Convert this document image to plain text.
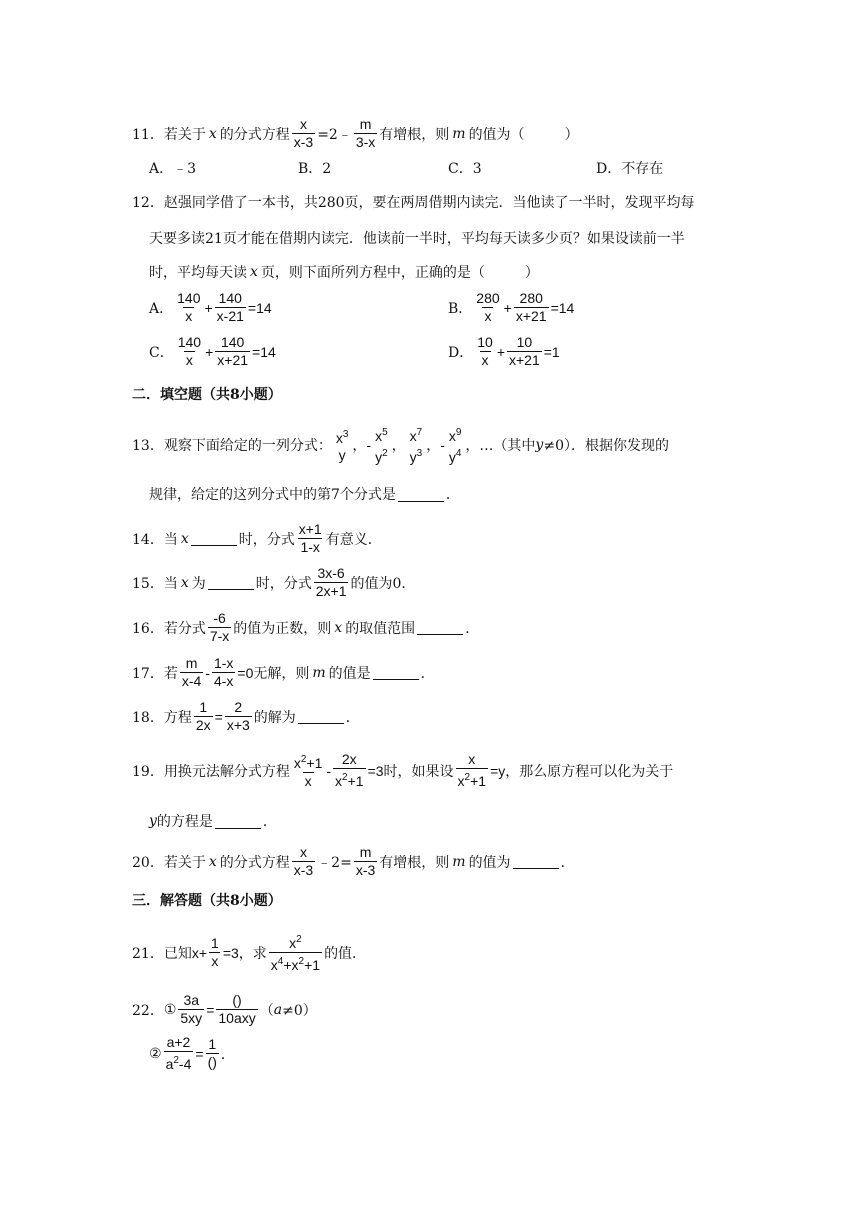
11． 若关于 x 的分式方程 $\frac{x}{x-3}$ =2﹣ $\frac{m}{3-x}$ 有增根，则 m 的值为（	）
A．﹣3	B．2	C．3	D．不存在
12． 赵强同学借了一本书，共280页，要在两周借期内读完．当他读了一半时，发现平均每
天要多读21页才能在借期内读完．他读前一半时，平均每天读多少页？如果设读前一半
时，平均每天读 x 页，则下面所列方程中，正确的是（	）
A． $\frac{140}{x} + \frac{140}{x-21} =14$	B． $\frac{280}{x} + \frac{280}{x+21} =14$
C． $\frac{140}{x} + \frac{140}{x+21} =14$	D． $\frac{10}{x} + \frac{10}{x+21} =1$
二．填空题（共8小题）
13． 观察下面给定的一列分式： $x^3$
y
， -
$x^5$
$y^2$ ，
$x^7$
$y^3$ ， -
$x^9$
$y^4$ ，…（其中 y ≠0）．根据你发现的
规律，给定的这列分式中的第7个分式是	．
14． 当 x	时，分式 $\frac{x+1}{1-x}$ 有意义．
15． 当 x 为	时，分式 $\frac{3x-6}{2x+1}$ 的值为0．
16． 若分式 $\frac{-6}{7-x}$ 的值为正数，则 x 的取值范围	．
17． 若 $\frac{m}{x-4} - \frac{1-x}{4-x} =0$ 无解，则 m 的值是	．
18． 方程 $\frac{1}{2x} = \frac{2}{x+3}$ 的解为	．
19． 用换元法解分式方程 $\frac{x^2+1}{x} - \frac{2x}{x^2+1} =3$ 时，如果设 $\frac{x}{x^2+1} =y$ ，那么原方程可以化为关于
y 的方程是	．
20． 若关于 x 的分式方程 $\frac{x}{x-3}$ ﹣2= $\frac{m}{x-3}$ 有增根，则 m 的值为	．
三．解答题（共8小题）
21． 已知 $x+ \frac{1}{x} =3$ ，求 $\frac{x^2}{x^4+x^2+1}$ 的值．
22． ① $\frac{3a}{5xy} = \frac{()}{\text{10axy}}$ （ a ≠0）
② $\frac{a+2}{a^2-4} = \frac{1}{()}$ ．
